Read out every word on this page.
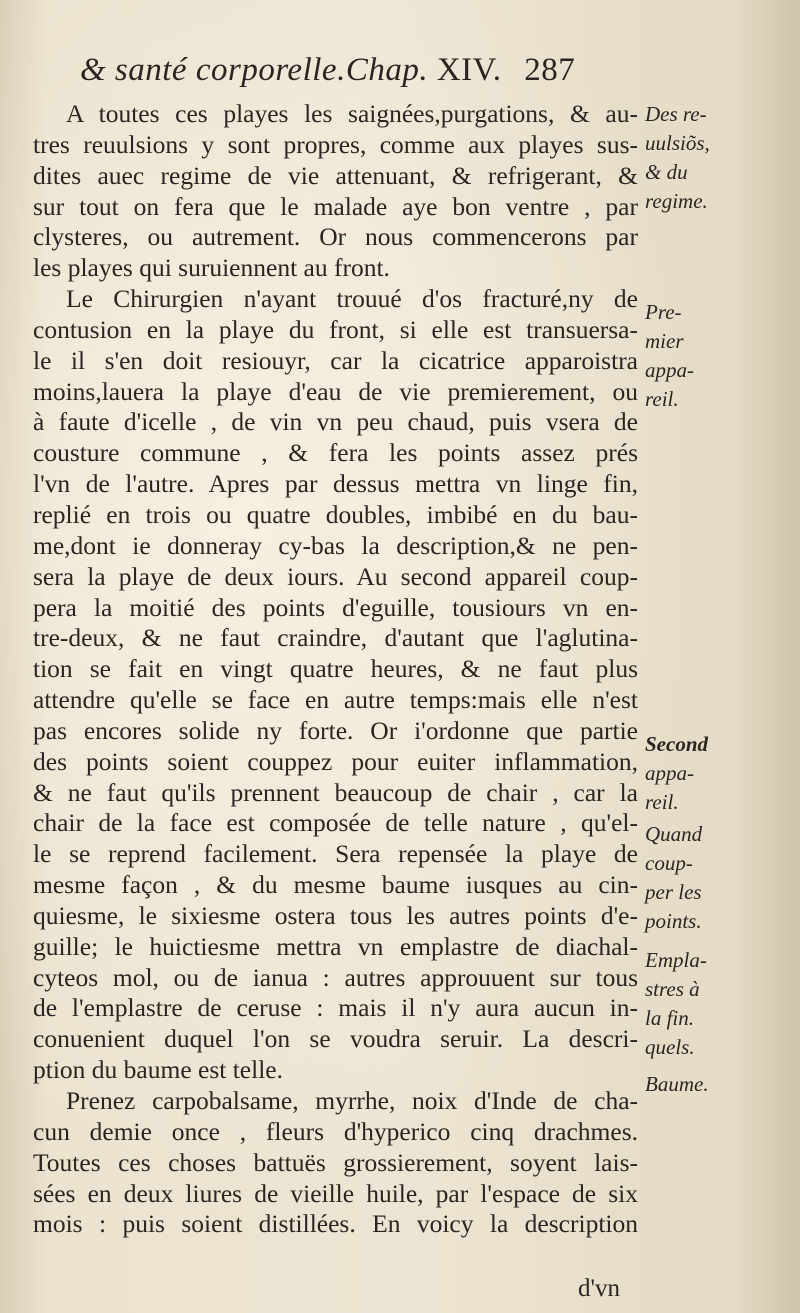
& santé corporelle.Chap. XIV. 287
A toutes ces playes les saignées,purgations, & au-
tres reuulsions y sont propres, comme aux playes sus-
dites auec regime de vie attenuant, & refrigerant, &
sur tout on fera que le malade aye bon ventre , par
clysteres, ou autrement. Or nous commencerons par
les playes qui suruiennent au front.
Le Chirurgien n'ayant trouué d'os fracturé,ny de
contusion en la playe du front, si elle est transuersa-
le il s'en doit resiouyr, car la cicatrice apparoistra
moins,lauera la playe d'eau de vie premierement, ou
à faute d'icelle , de vin vn peu chaud, puis vsera de
cousture commune , & fera les points assez prés
l'vn de l'autre. Apres par dessus mettra vn linge fin,
replié en trois ou quatre doubles, imbibé en du bau-
me,dont ie donneray cy-bas la description,& ne pen-
sera la playe de deux iours. Au second appareil coup-
pera la moitié des points d'eguille, tousiours vn en-
tre-deux, & ne faut craindre, d'autant que l'aglutina-
tion se fait en vingt quatre heures, & ne faut plus
attendre qu'elle se face en autre temps:mais elle n'est
pas encores solide ny forte. Or i'ordonne que partie
des points soient couppez pour euiter inflammation,
& ne faut qu'ils prennent beaucoup de chair , car la
chair de la face est composée de telle nature , qu'el-
le se reprend facilement. Sera repensée la playe de
mesme façon , & du mesme baume iusques au cin-
quiesme, le sixiesme ostera tous les autres points d'e-
guille; le huictiesme mettra vn emplastre de diachal-
cyteos mol, ou de ianua : autres approuuent sur tous
de l'emplastre de ceruse : mais il n'y aura aucun in-
conuenient duquel l'on se voudra seruir. La descri-
ption du baume est telle.
Prenez carpobalsame, myrrhe, noix d'Inde de cha-
cun demie once , fleurs d'hyperico cinq drachmes.
Toutes ces choses battuës grossierement, soyent lais-
sées en deux liures de vieille huile, par l'espace de six
mois : puis soient distillées. En voicy la description
Des re-
uulsiõs,
& du
regime.
Pre-
mier
appa-
reil.
Second
appa-
reil.
Quand
coup-
per les
points.
Empla-
stres à
la fin.
quels.
Baume.
d'vn
